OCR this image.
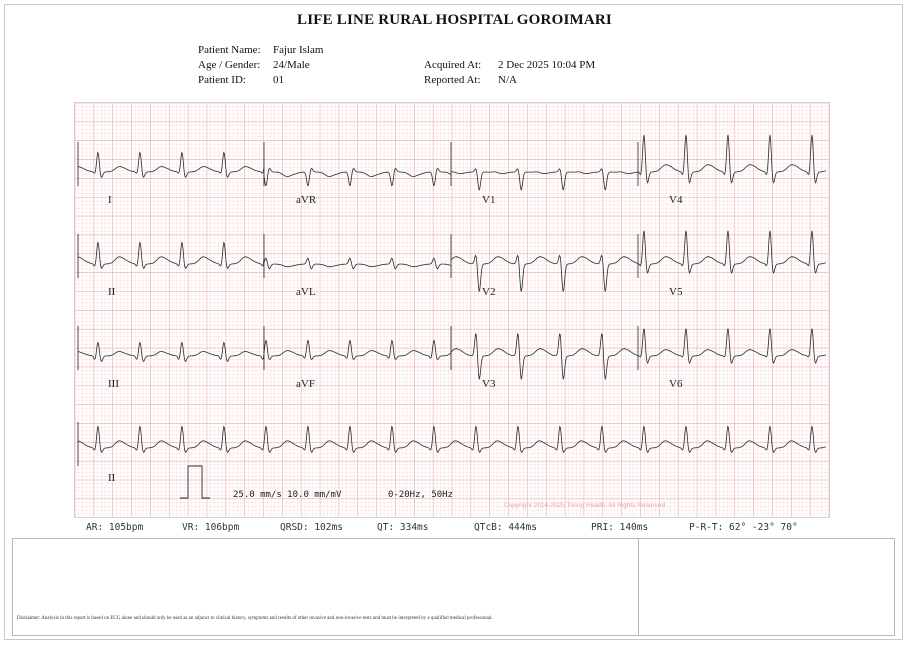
LIFE LINE RURAL HOSPITAL GOROIMARI
Patient Name: Fajur Islam
Age / Gender: 24/Male
Patient ID: 01
Acquired At: 2 Dec 2025 10:04 PM
Reported At: N/A
I	aVR	V1	V4
II	aVL	V2	V5
III	aVF	V3	V6
II
25.0 mm/s 10.0 mm/mV	0-20Hz, 50Hz
Copyright 2014-2025 Tricog Health. All Rights Reserved
AR: 105bpm	VR: 106bpm	QRSD: 102ms	QT: 334ms	QTcB: 444ms	PRI: 140ms	P-R-T: 62° -23° 70°
Disclaimer: Analysis in this report is based on ECG alone and should only be used as an adjunct to clinical history, symptoms and results of other invasive and non-invasive tests and must be interpreted by a qualified medical professional.
